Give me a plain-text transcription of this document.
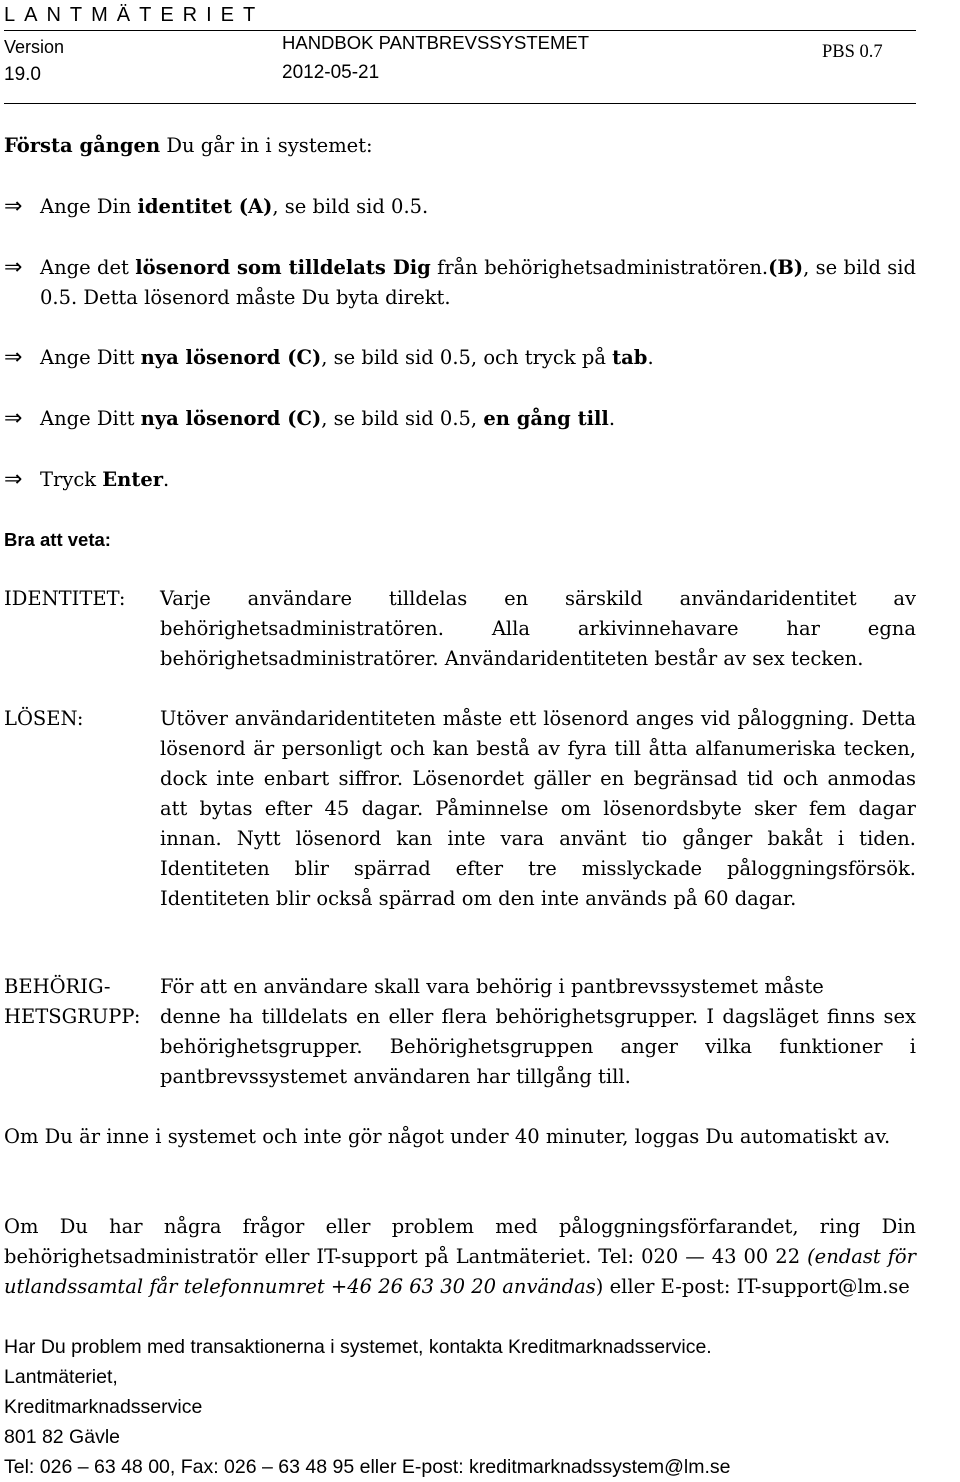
LANTMÄTERIET
Version
19.0
HANDBOK PANTBREVSSYSTEMET
2012-05-21
PBS 0.7
Första gången Du går in i systemet:
⇒ Ange Din identitet (A), se bild sid 0.5.
⇒ Ange det lösenord som tilldelats Dig från behörighetsadministratören.(B), se bild sid 0.5. Detta lösenord måste Du byta direkt.
⇒ Ange Ditt nya lösenord (C), se bild sid 0.5, och tryck på tab.
⇒ Ange Ditt nya lösenord (C), se bild sid 0.5, en gång till.
⇒ Tryck Enter.
Bra att veta:
IDENTITET:	Varje användare tilldelas en särskild användaridentitet av behörighetsadministratören. Alla arkivinnehavare har egna behörighetsadministratörer. Användaridentiteten består av sex tecken.
LÖSEN:	Utöver användaridentiteten måste ett lösenord anges vid påloggning. Detta lösenord är personligt och kan bestå av fyra till åtta alfanumeriska tecken, dock inte enbart siffror. Lösenordet gäller en begränsad tid och anmodas att bytas efter 45 dagar. Påminnelse om lösenordsbyte sker fem dagar innan. Nytt lösenord kan inte vara använt tio gånger bakåt i tiden. Identiteten blir spärrad efter tre misslyckade påloggningsförsök. Identiteten blir också spärrad om den inte används på 60 dagar.
BEHÖRIG-	För att en användare skall vara behörig i pantbrevssystemet måste
HETSGRUPP:	denne ha tilldelats en eller flera behörighetsgrupper. I dagsläget finns sex behörighetsgrupper. Behörighetsgruppen anger vilka funktioner i pantbrevssystemet användaren har tillgång till.
Om Du är inne i systemet och inte gör något under 40 minuter, loggas Du automatiskt av.
Om Du har några frågor eller problem med påloggningsförfarandet, ring Din behörighetsadministratör eller IT-support på Lantmäteriet. Tel: 020 — 43 00 22 (endast för utlandssamtal får telefonnumret +46 26 63 30 20 användas) eller E-post: IT-support@lm.se
Har Du problem med transaktionerna i systemet, kontakta Kreditmarknadsservice.
Lantmäteriet,
Kreditmarknadsservice
801 82 Gävle
Tel: 026 – 63 48 00, Fax: 026 – 63 48 95 eller E-post: kreditmarknadssystem@lm.se
